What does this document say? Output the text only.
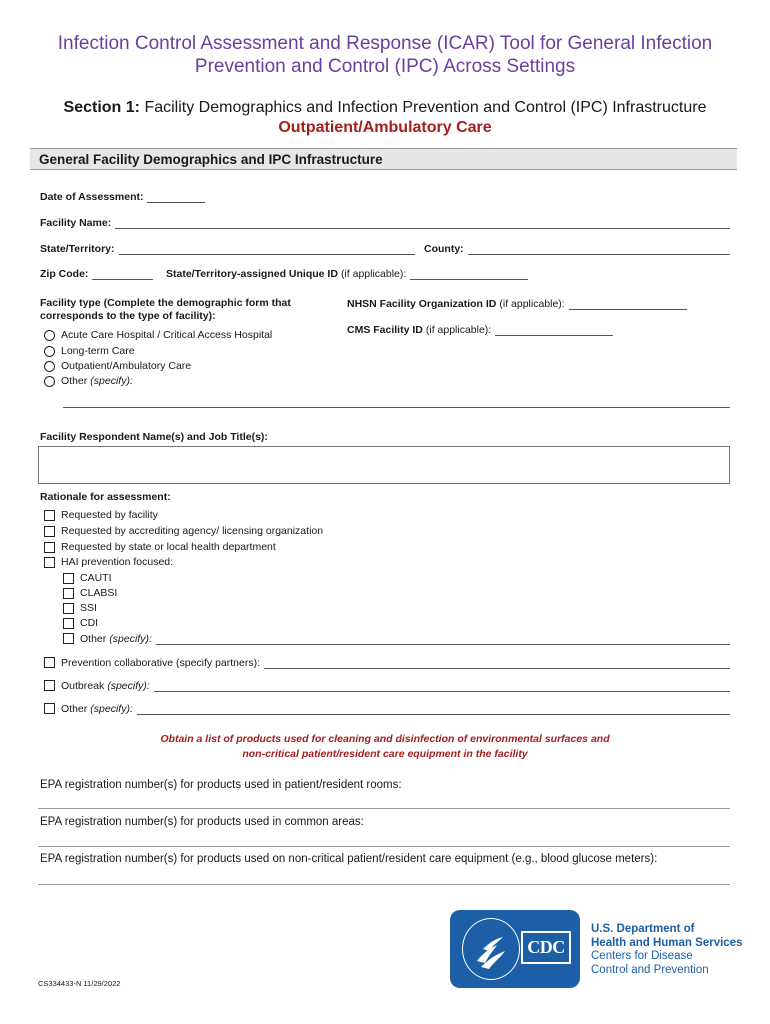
Infection Control Assessment and Response (ICAR) Tool for General Infection
Prevention and Control (IPC) Across Settings
Section 1: Facility Demographics and Infection Prevention and Control (IPC) Infrastructure
Outpatient/Ambulatory Care
General Facility Demographics and IPC Infrastructure
Date of Assessment:
Facility Name:
State/Territory:	County:
Zip Code:	State/Territory-assigned Unique ID (if applicable):
Facility type (Complete the demographic form that
corresponds to the type of facility):
Acute Care Hospital / Critical Access Hospital
Long-term Care
Outpatient/Ambulatory Care
Other (specify):
NHSN Facility Organization ID (if applicable):
CMS Facility ID (if applicable):
Facility Respondent Name(s) and Job Title(s):
Rationale for assessment:
Requested by facility
Requested by accrediting agency/ licensing organization
Requested by state or local health department
HAI prevention focused:
CAUTI
CLABSI
SSI
CDI
Other (specify):
Prevention collaborative (specify partners):
Outbreak (specify):
Other (specify):
Obtain a list of products used for cleaning and disinfection of environmental surfaces and
non-critical patient/resident care equipment in the facility
EPA registration number(s) for products used in patient/resident rooms:
EPA registration number(s) for products used in common areas:
EPA registration number(s) for products used on non-critical patient/resident care equipment (e.g., blood glucose meters):
CS334433-N 11/29/2022
CDC
U.S. Department of
Health and Human Services
Centers for Disease
Control and Prevention
